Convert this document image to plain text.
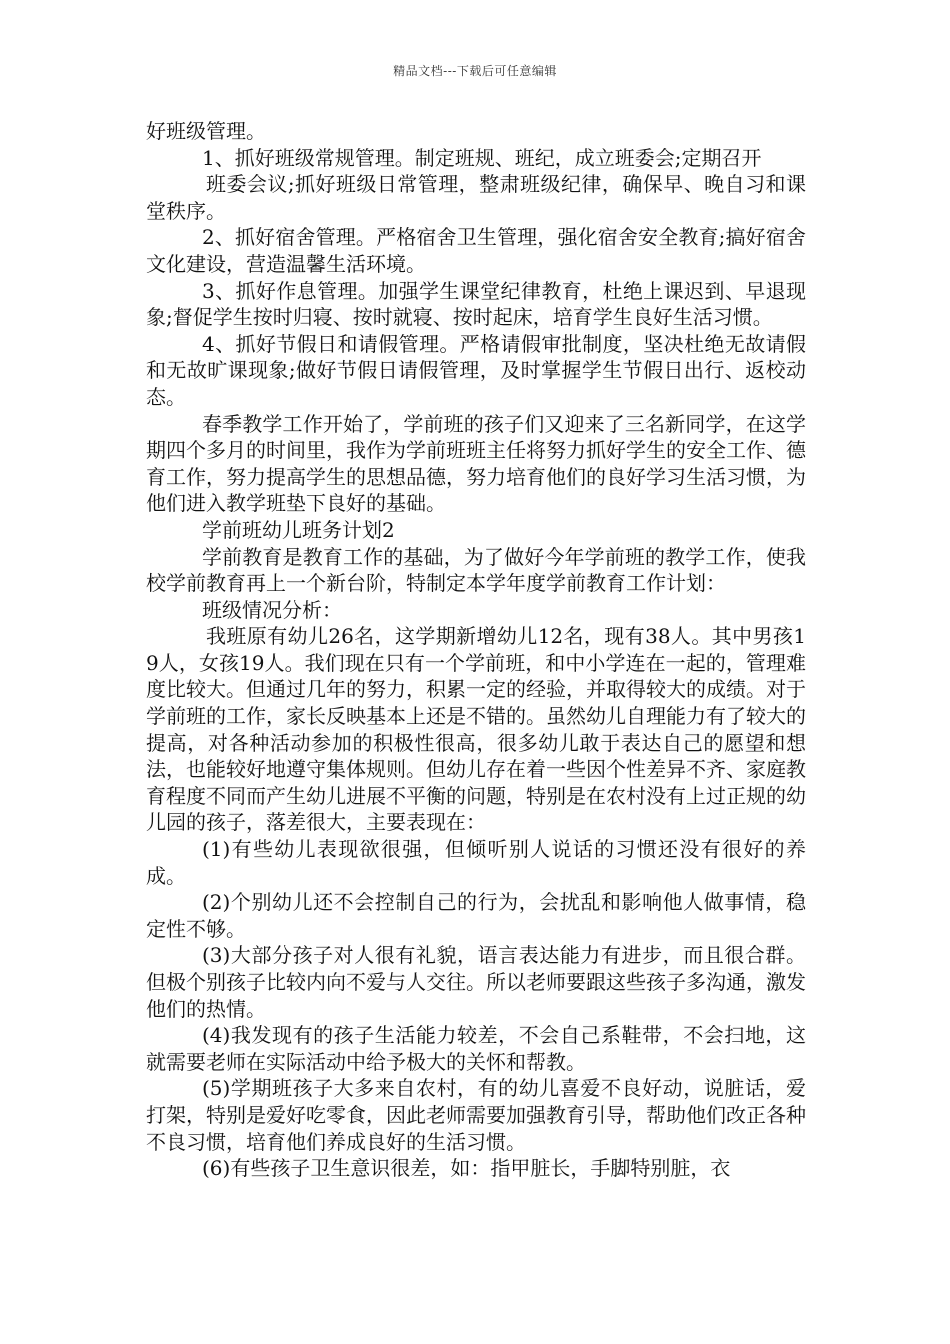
精品文档---下载后可任意编辑

好班级管理。

1、抓好班级常规管理。制定班规、班纪，成立班委会;定期召开

班委会议;抓好班级日常管理，整肃班级纪律，确保早、晚自习和课堂秩序。

2、抓好宿舍管理。严格宿舍卫生管理，强化宿舍安全教育;搞好宿舍文化建设，营造温馨生活环境。

3、抓好作息管理。加强学生课堂纪律教育，杜绝上课迟到、早退现象;督促学生按时归寝、按时就寝、按时起床，培育学生良好生活习惯。

4、抓好节假日和请假管理。严格请假审批制度，坚决杜绝无故请假和无故旷课现象;做好节假日请假管理，及时掌握学生节假日出行、返校动态。

春季教学工作开始了，学前班的孩子们又迎来了三名新同学，在这学期四个多月的时间里，我作为学前班班主任将努力抓好学生的安全工作、德育工作，努力提高学生的思想品德，努力培育他们的良好学习生活习惯，为他们进入教学班垫下良好的基础。

学前班幼儿班务计划2

学前教育是教育工作的基础，为了做好今年学前班的教学工作，使我校学前教育再上一个新台阶，特制定本学年度学前教育工作计划：

班级情况分析：

我班原有幼儿26名，这学期新增幼儿12名，现有38人。其中男孩19人，女孩19人。我们现在只有一个学前班，和中小学连在一起的，管理难度比较大。但通过几年的努力，积累一定的经验，并取得较大的成绩。对于学前班的工作，家长反映基本上还是不错的。虽然幼儿自理能力有了较大的提高，对各种活动参加的积极性很高，很多幼儿敢于表达自己的愿望和想法，也能较好地遵守集体规则。但幼儿存在着一些因个性差异不齐、家庭教育程度不同而产生幼儿进展不平衡的问题，特别是在农村没有上过正规的幼儿园的孩子，落差很大，主要表现在：

(1)有些幼儿表现欲很强，但倾听别人说话的习惯还没有很好的养成。

(2)个别幼儿还不会控制自己的行为，会扰乱和影响他人做事情，稳定性不够。

(3)大部分孩子对人很有礼貌，语言表达能力有进步，而且很合群。但极个别孩子比较内向不爱与人交往。所以老师要跟这些孩子多沟通，激发他们的热情。

(4)我发现有的孩子生活能力较差，不会自己系鞋带，不会扫地，这就需要老师在实际活动中给予极大的关怀和帮教。

(5)学期班孩子大多来自农村，有的幼儿喜爱不良好动，说脏话，爱打架，特别是爱好吃零食，因此老师需要加强教育引导，帮助他们改正各种不良习惯，培育他们养成良好的生活习惯。

(6)有些孩子卫生意识很差，如：指甲脏长，手脚特别脏，衣
